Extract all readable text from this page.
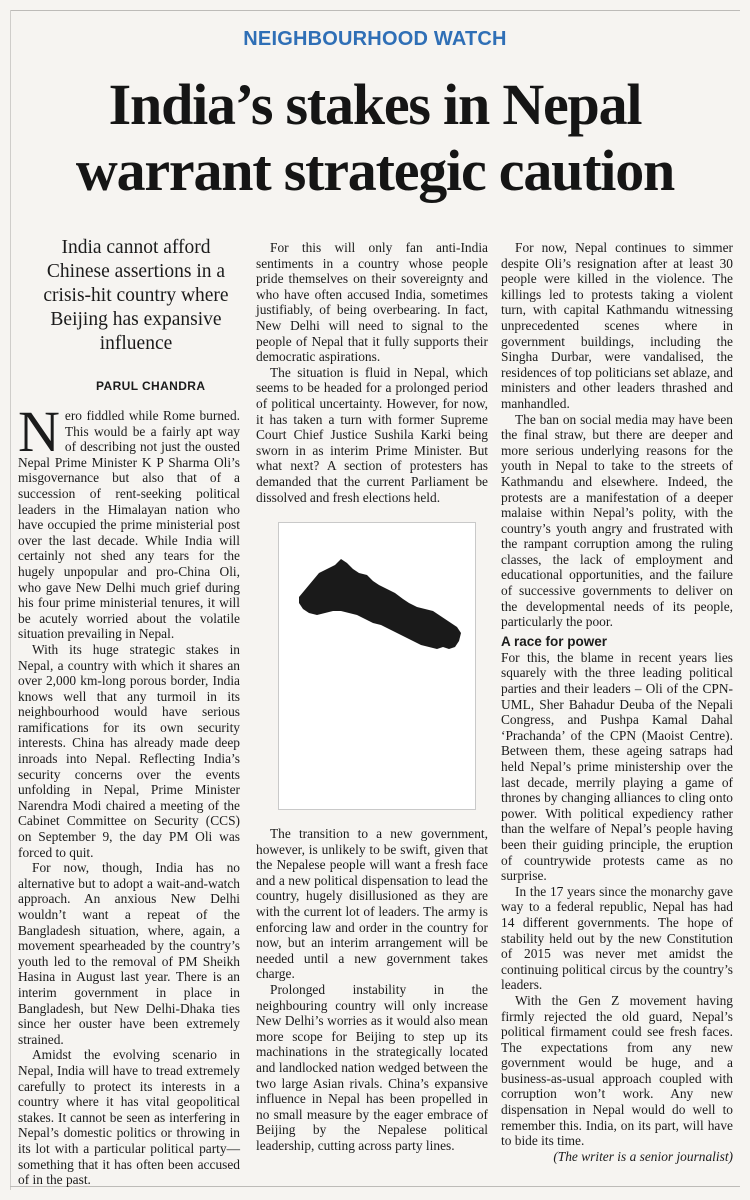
NEIGHBOURHOOD WATCH
India’s stakes in Nepal
warrant strategic caution
India cannot afford Chinese assertions in a crisis-hit country where Beijing has expansive influence
PARUL CHANDRA

Nero fiddled while Rome burned. This would be a fairly apt way of describing not just the ousted Nepal Prime Minister K P Sharma Oli’s misgovernance but also that of a succession of rent-seeking political leaders in the Himalayan nation who have occupied the prime ministerial post over the last decade. While India will certainly not shed any tears for the hugely unpopular and pro-China Oli, who gave New Delhi much grief during his four prime ministerial tenures, it will be acutely worried about the volatile situation prevailing in Nepal.

With its huge strategic stakes in Nepal, a country with which it shares an over 2,000 km-long porous border, India knows well that any turmoil in its neighbourhood would have serious ramifications for its own security interests. China has already made deep inroads into Nepal. Reflecting India’s security concerns over the events unfolding in Nepal, Prime Minister Narendra Modi chaired a meeting of the Cabinet Committee on Security (CCS) on September 9, the day PM Oli was forced to quit.

For now, though, India has no alternative but to adopt a wait-and-watch approach. An anxious New Delhi wouldn’t want a repeat of the Bangladesh situation, where, again, a movement spearheaded by the country’s youth led to the removal of PM Sheikh Hasina in August last year. There is an interim government in place in Bangladesh, but New Delhi-Dhaka ties since her ouster have been extremely strained.

Amidst the evolving scenario in Nepal, India will have to tread extremely carefully to protect its interests in a country where it has vital geopolitical stakes. It cannot be seen as interfering in Nepal’s domestic politics or throwing in its lot with a particular political party—something that it has often been accused of in the past.

For this will only fan anti-India sentiments in a country whose people pride themselves on their sovereignty and who have often accused India, sometimes justifiably, of being overbearing. In fact, New Delhi will need to signal to the people of Nepal that it fully supports their democratic aspirations.

The situation is fluid in Nepal, which seems to be headed for a prolonged period of political uncertainty. However, for now, it has taken a turn with former Supreme Court Chief Justice Sushila Karki being sworn in as interim Prime Minister. But what next? A section of protesters has demanded that the current Parliament be dissolved and fresh elections held.

The transition to a new government, however, is unlikely to be swift, given that the Nepalese people will want a fresh face and a new political dispensation to lead the country, hugely disillusioned as they are with the current lot of leaders. The army is enforcing law and order in the country for now, but an interim arrangement will be needed until a new government takes charge.

Prolonged instability in the neighbouring country will only increase New Delhi’s worries as it would also mean more scope for Beijing to step up its machinations in the strategically located and landlocked nation wedged between the two large Asian rivals. China’s expansive influence in Nepal has been propelled in no small measure by the eager embrace of Beijing by the Nepalese political leadership, cutting across party lines.

For now, Nepal continues to simmer despite Oli’s resignation after at least 30 people were killed in the violence. The killings led to protests taking a violent turn, with capital Kathmandu witnessing unprecedented scenes where in government buildings, including the Singha Durbar, were vandalised, the residences of top politicians set ablaze, and ministers and other leaders thrashed and manhandled.

The ban on social media may have been the final straw, but there are deeper and more serious underlying reasons for the youth in Nepal to take to the streets of Kathmandu and elsewhere. Indeed, the protests are a manifestation of a deeper malaise within Nepal’s polity, with the country’s youth angry and frustrated with the rampant corruption among the ruling classes, the lack of employment and educational opportunities, and the failure of successive governments to deliver on the developmental needs of its people, particularly the poor.

A race for power

For this, the blame in recent years lies squarely with the three leading political parties and their leaders – Oli of the CPN-UML, Sher Bahadur Deuba of the Nepali Congress, and Pushpa Kamal Dahal ‘Prachanda’ of the CPN (Maoist Centre). Between them, these ageing satraps had held Nepal’s prime ministership over the last decade, merrily playing a game of thrones by changing alliances to cling onto power. With political expediency rather than the welfare of Nepal’s people having been their guiding principle, the eruption of countrywide protests came as no surprise.

In the 17 years since the monarchy gave way to a federal republic, Nepal has had 14 different governments. The hope of stability held out by the new Constitution of 2015 was never met amidst the continuing political circus by the country’s leaders.

With the Gen Z movement having firmly rejected the old guard, Nepal’s political firmament could see fresh faces. The expectations from any new government would be huge, and a business-as-usual approach coupled with corruption won’t work. Any new dispensation in Nepal would do well to remember this. India, on its part, will have to bide its time.

(The writer is a senior journalist)
